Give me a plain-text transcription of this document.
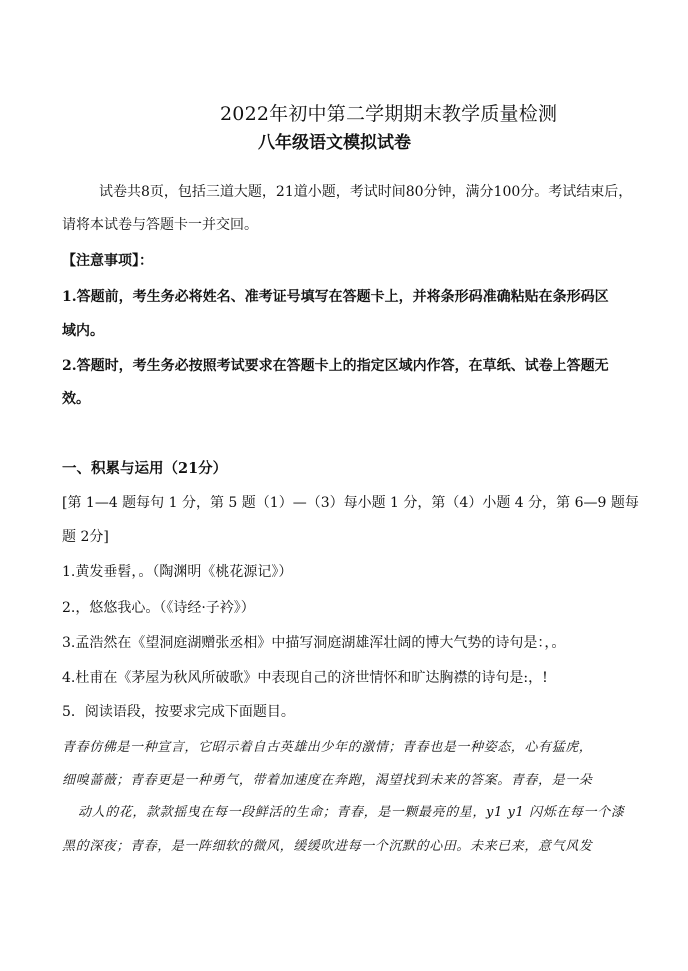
2022年初中第二学期期末教学质量检测
八年级语文模拟试卷
试卷共8页，包括三道大题，21道小题，考试时间80分钟，满分100分。考试结束后，
请将本试卷与答题卡一并交回。
【注意事项】：
1.答题前，考生务必将姓名、准考证号填写在答题卡上，并将条形码准确粘贴在条形码区
域内。
2.答题时，考生务必按照考试要求在答题卡上的指定区域内作答，在草纸、试卷上答题无
效。
一、积累与运用（21分）
[第 1—4 题每句 1 分，第 5 题（1）—（3）每小题 1 分，第（4）小题 4 分，第 6—9 题每
题 2分]
1.黄发垂髫，。（陶渊明《桃花源记》）
2.，悠悠我心。（《诗经·子衿》）
3.孟浩然在《望洞庭湖赠张丞相》中描写洞庭湖雄浑壮阔的博大气势的诗句是：，。
4.杜甫在《茅屋为秋风所破歌》中表现自己的济世情怀和旷达胸襟的诗句是:，!
5．阅读语段，按要求完成下面题目。
青春仿佛是一种宣言，它昭示着自古英雄出少年的激情；青春也是一种姿态，心有猛虎，
细嗅蔷薇；青春更是一种勇气，带着加速度在奔跑，渴望找到未来的答案。青春，是一朵
动人的花，款款摇曳在每一段鲜活的生命；青春，是一颗最亮的星，y1 y1 闪烁在每一个漆
黑的深夜；青春，是一阵细软的微风，缓缓吹进每一个沉默的心田。未来已来，意气风发
